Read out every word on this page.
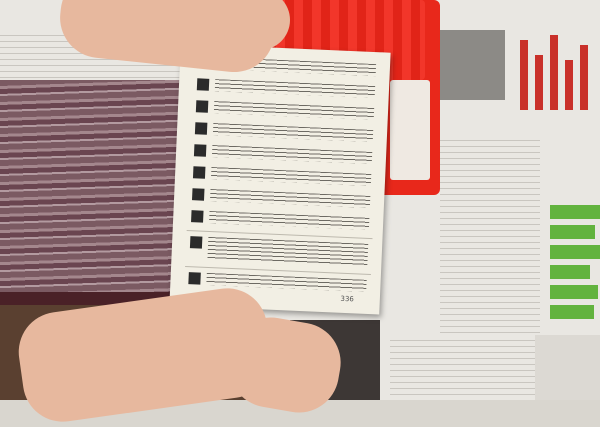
336
